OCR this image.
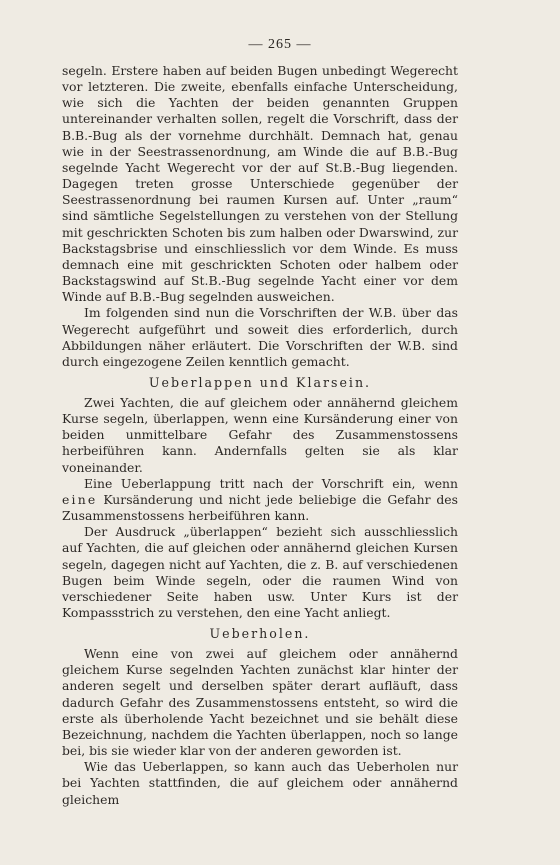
— 265 —

segeln. Erstere haben auf beiden Bugen unbedingt Wegerecht vor letzteren. Die zweite, ebenfalls einfache Unterscheidung, wie sich die Yachten der beiden genannten Gruppen untereinander verhalten sollen, regelt die Vorschrift, dass der B.B.-Bug als der vornehme durchhält. Demnach hat, genau wie in der Seestrassenordnung, am Winde die auf B.B.-Bug segelnde Yacht Wegerecht vor der auf St.B.-Bug liegenden. Dagegen treten grosse Unterschiede gegenüber der Seestrassenordnung bei raumen Kursen auf. Unter „raum“ sind sämtliche Segelstellungen zu verstehen von der Stellung mit geschrickten Schoten bis zum halben oder Dwarswind, zur Backstagsbrise und einschliesslich vor dem Winde. Es muss demnach eine mit geschrickten Schoten oder halbem oder Backstagswind auf St.B.-Bug segelnde Yacht einer vor dem Winde auf B.B.-Bug segelnden ausweichen.

Im folgenden sind nun die Vorschriften der W.B. über das Wegerecht aufgeführt und soweit dies erforderlich, durch Abbildungen näher erläutert. Die Vorschriften der W.B. sind durch eingezogene Zeilen kenntlich gemacht.

Ueberlappen und Klarsein.

Zwei Yachten, die auf gleichem oder annähernd gleichem Kurse segeln, überlappen, wenn eine Kursänderung einer von beiden unmittelbare Gefahr des Zusammenstossens herbeiführen kann. Andernfalls gelten sie als klar voneinander.

Eine Ueberlappung tritt nach der Vorschrift ein, wenn eine Kursänderung und nicht jede beliebige die Gefahr des Zusammenstossens herbeiführen kann.

Der Ausdruck „überlappen“ bezieht sich ausschliesslich auf Yachten, die auf gleichen oder annähernd gleichen Kursen segeln, dagegen nicht auf Yachten, die z. B. auf verschiedenen Bugen beim Winde segeln, oder die raumen Wind von verschiedener Seite haben usw. Unter Kurs ist der Kompassstrich zu verstehen, den eine Yacht anliegt.

Ueberholen.

Wenn eine von zwei auf gleichem oder annähernd gleichem Kurse segelnden Yachten zunächst klar hinter der anderen segelt und derselben später derart aufläuft, dass dadurch Gefahr des Zusammenstossens entsteht, so wird die erste als überholende Yacht bezeichnet und sie behält diese Bezeichnung, nachdem die Yachten überlappen, noch so lange bei, bis sie wieder klar von der anderen geworden ist.

Wie das Ueberlappen, so kann auch das Ueberholen nur bei Yachten stattfinden, die auf gleichem oder annähernd gleichem
